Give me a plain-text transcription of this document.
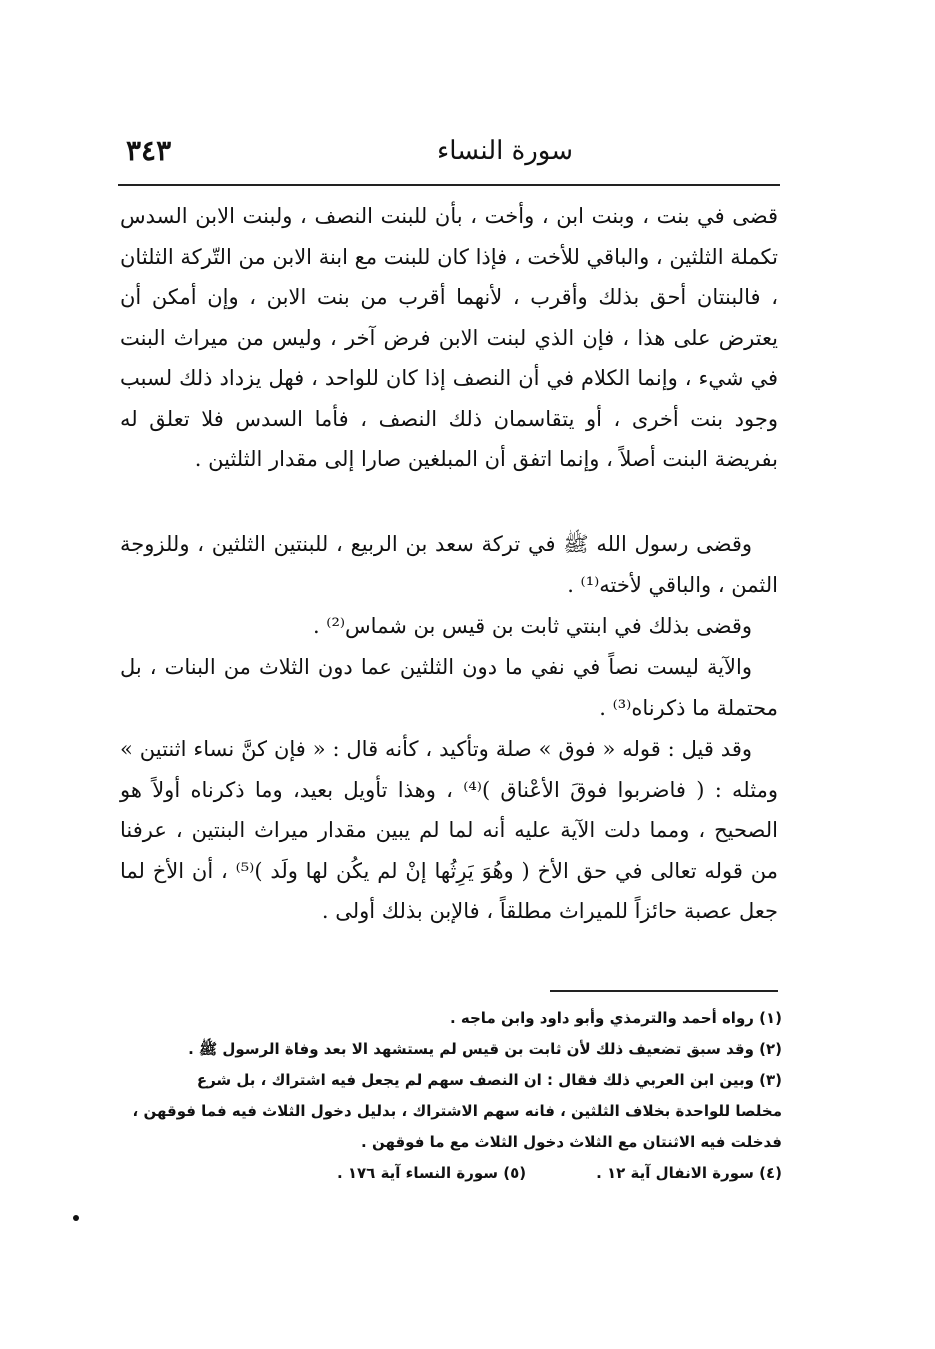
سورة النساء
٣٤٣

قضى في بنت ، وبنت ابن ، وأخت ، بأن للبنت النصف ، ولبنت الابن السدس تكملة الثلثين ، والباقي للأخت ، فإذا كان للبنت مع ابنة الابن من التّركة الثلثان ، فالبنتان أحق بذلك وأقرب ، لأنهما أقرب من بنت الابن ، وإن أمكن أن يعترض على هذا ، فإن الذي لبنت الابن فرض آخر ، وليس من ميراث البنت في شيء ، وإنما الكلام في أن النصف إذا كان للواحد ، فهل يزداد ذلك لسبب وجود بنت أخرى ، أو يتقاسمان ذلك النصف ، فأما السدس فلا تعلق له بفريضة البنت أصلاً ، وإنما اتفق أن المبلغين صارا إلى مقدار الثلثين .

وقضى رسول الله ﷺ في تركة سعد بن الربيع ، للبنتين الثلثين ، وللزوجة الثمن ، والباقي لأخته⁽¹⁾ .

وقضى بذلك في ابنتي ثابت بن قيس بن شماس⁽²⁾ .

والآية ليست نصاً في نفي ما دون الثلثين عما دون الثلاث من البنات ، بل محتملة ما ذكرناه⁽³⁾ .

وقد قيل : قوله « فوق » صلة وتأكيد ، كأنه قال : « فإن كنَّ نساء اثنتين » ومثله : ( فاضربوا فوقَ الأعْناق )⁽⁴⁾ ، وهذا تأويل بعيد، وما ذكرناه أولاً هو الصحيح ، ومما دلت الآية عليه أنه لما لم يبين مقدار ميراث البنتين ، عرفنا من قوله تعالى في حق الأخ ( وهُوَ يَرِثُها إنْ لم يكُن لها ولَد )⁽⁵⁾ ، أن الأخ لما جعل عصبة حائزاً للميراث مطلقاً ، فالإبن بذلك أولى .

(١) رواه أحمد والترمذي وأبو داود وابن ماجه .

(٢) وقد سبق تضعيف ذلك لأن ثابت بن قيس لم يستشهد الا بعد وفاة الرسول ﷺ .

(٣) وبين ابن العربي ذلك فقال : ان النصف سهم لم يجعل فيه اشتراك ، بل شرع

مخلصا للواحدة بخلاف الثلثين ، فانه سهم الاشتراك ، بدليل دخول الثلاث فيه فما فوقهن ،

فدخلت فيه الاثنتان مع الثلاث دخول الثلاث مع ما فوقهن .

(٤) سورة الانفال آية ١٢ .
(٥) سورة النساء آية ١٧٦ .
